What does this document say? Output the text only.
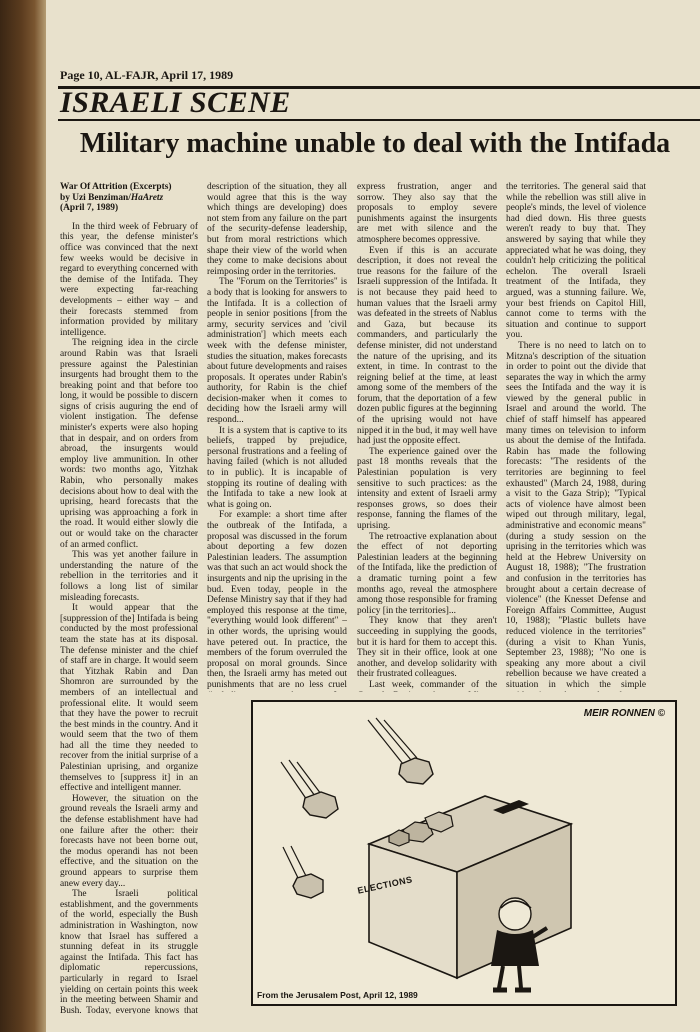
Page 10, AL-FAJR, April 17, 1989
ISRAELI SCENE
Military machine unable to deal with the Intifada

War Of Attrition (Excerpts)

by Uzi Benziman/HaAretz

(April 7, 1989)

In the third week of February of this year, the defense minister's office was convinced that the next few weeks would be decisive in regard to everything concerned with the demise of the Intifada. They were expecting far-reaching developments – either way – and their forecasts stemmed from information provided by military intelligence.

The reigning idea in the circle around Rabin was that Israeli pressure against the Palestinian insurgents had brought them to the breaking point and that before too long, it would be possible to discern signs of crisis auguring the end of violent instigation. The defense minister's experts were also hoping that in despair, and on orders from abroad, the insurgents would employ live ammunition. In other words: two months ago, Yitzhak Rabin, who personally makes decisions about how to deal with the uprising, heard forecasts that the uprising was approaching a fork in the road. It would either slowly die out or would take on the character of an armed conflict.

This was yet another failure in understanding the nature of the rebellion in the territories and it follows a long list of similar misleading forecasts.

It would appear that the [suppression of the] Intifada is being conducted by the most professional team the state has at its disposal. The defense minister and the chief of staff are in charge. It would seem that Yitzhak Rabin and Dan Shomron are surrounded by the members of an intellectual and professional elite. It would seem that they have the power to recruit the best minds in the country. And it would seem that the two of them had all the time they needed to recover from the initial surprise of a Palestinian uprising, and organize themselves to [suppress it] in an effective and intelligent manner.

However, the situation on the ground reveals the Israeli army and the defense establishment have had one failure after the other: their forecasts have not been borne out, the modus operandi has not been effective, and the situation on the ground appears to surprise them anew every day...

The Israeli political establishment, and the governments of the world, especially the Bush administration in Washington, now know that Israel has suffered a stunning defeat in its struggle against the Intifada. This fact has diplomatic repercussions, particularly in regard to Israel yielding on certain points this week in the meeting between Shamir and Bush. Today, everyone knows that

description of the situation, they all would agree that this is the way which things are developing) does not stem from any failure on the part of the security-defense leadership, but from moral restrictions which shape their view of the world when they come to make decisions about reimposing order in the territories.

The "Forum on the Territories" is a body that is looking for answers to the Intifada. It is a collection of people in senior positions [from the army, security services and 'civil administration'] which meets each week with the defense minister, studies the situation, makes forecasts about future developments and raises proposals. It operates under Rabin's authority, for Rabin is the chief decision-maker when it comes to deciding how the Israeli army will respond...

It is a system that is captive to its beliefs, trapped by prejudice, personal frustrations and a feeling of having failed (which is not alluded to in public). It is incapable of stopping its routine of dealing with the Intifada to take a new look at what is going on.

For example: a short time after the outbreak of the Intifada, a proposal was discussed in the forum about deporting a few dozen Palestinian leaders. The assumption was that such an act would shock the insurgents and nip the uprising in the bud. Even today, people in the Defense Ministry say that if they had employed this response at the time, "everything would look different" – in other words, the uprising would have petered out. In practice, the members of the forum overruled the proposal on moral grounds. Since then, the Israeli army has meted out punishments that are no less cruel

express frustration, anger and sorrow. They also say that the proposals to employ severe punishments against the insurgents are met with silence and the atmosphere becomes oppressive.

Even if this is an accurate description, it does not reveal the true reasons for the failure of the Israeli suppression of the Intifada. It is not because they paid heed to human values that the Israeli army was defeated in the streets of Nablus and Gaza, but because its commanders, and particularly the defense minister, did not understand the nature of the uprising, and its extent, in time. In contrast to the reigning belief at the time, at least among some of the members of the forum, that the deportation of a few dozen public figures at the beginning of the uprising would not have nipped it in the bud, it may well have had just the opposite effect.

The experience gained over the past 18 months reveals that the Palestinian population is very sensitive to such practices: as the intensity and extent of Israeli army responses grows, so does their response, fanning the flames of the uprising.

The retroactive explanation about the effect of not deporting Palestinian leaders at the beginning of the Intifada, like the prediction of a dramatic turning point a few months ago, reveal the atmosphere among those responsible for framing policy [in the territories]...

They know that they aren't succeeding in supplying the goods, but it is hard for them to accept this. They sit in their office, look at one another, and develop solidarity with their frustrated colleagues.

Last week, commander of the

the territories. The general said that while the rebellion was still alive in people's minds, the level of violence had died down. His three guests weren't ready to buy that. They answered by saying that while they appreciated what he was doing, they couldn't help criticizing the political echelon. The overall Israeli treatment of the Intifada, they argued, was a stunning failure. We, your best friends on Capitol Hill, cannot come to terms with the situation and continue to support you.

There is no need to latch on to Mitzna's description of the situation in order to point out the divide that separates the way in which the army sees the Intifada and the way it is viewed by the general public in Israel and around the world. The chief of staff himself has appeared many times on television to inform us about the demise of the Intifada. Rabin has made the following forecasts: "The residents of the territories are beginning to feel exhausted" (March 24, 1988, during a visit to the Gaza Strip); "Typical acts of violence have almost been wiped out through military, legal, administrative and economic means" (during a study session on the uprising in the territories which was held at the Hebrew University on August 18, 1988); "The frustration and confusion in the territories has brought about a certain decrease of violence" (the Knesset Defense and Foreign Affairs Committee, August 10, 1988); "Plastic bullets have reduced violence in the territories" (during a visit to Khan Yunis, September 23, 1988); "No one is speaking any more about a civil rebellion because we have created a situation in which the simple

MEIR RONNEN ©
ELECTIONS
From the Jerusalem Post, April 12, 1989
